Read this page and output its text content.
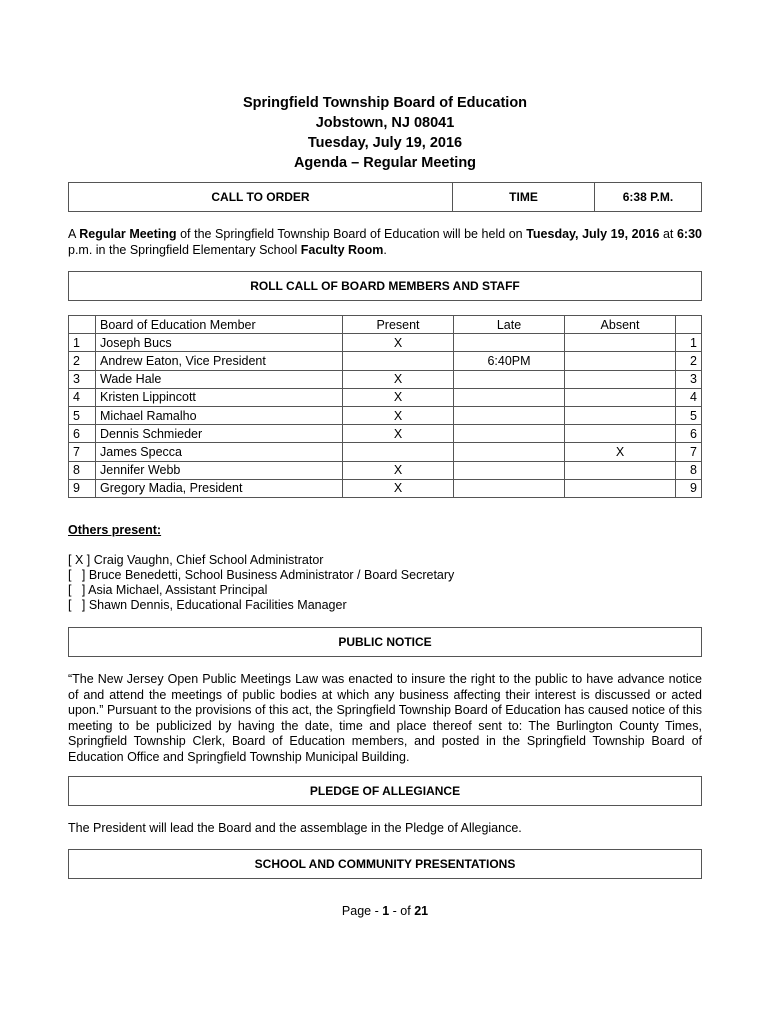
Springfield Township Board of Education
Jobstown, NJ 08041
Tuesday, July 19, 2016
Agenda – Regular Meeting
CALL TO ORDER	TIME	6:38 P.M.
A Regular Meeting of the Springfield Township Board of Education will be held on Tuesday, July 19, 2016 at 6:30 p.m. in the Springfield Elementary School Faculty Room.
ROLL CALL OF BOARD MEMBERS AND STAFF
	Board of Education Member	Present	Late	Absent	
1	Joseph Bucs	X			1
2	Andrew Eaton, Vice President		6:40PM		2
3	Wade Hale	X			3
4	Kristen Lippincott	X			4
5	Michael Ramalho	X			5
6	Dennis Schmieder	X			6
7	James Specca			X	7
8	Jennifer Webb	X			8
9	Gregory Madia, President	X			9
Others present:
[ X ] Craig Vaughn, Chief School Administrator
[   ] Bruce Benedetti, School Business Administrator / Board Secretary
[   ] Asia Michael, Assistant Principal
[   ] Shawn Dennis, Educational Facilities Manager
PUBLIC NOTICE
“The New Jersey Open Public Meetings Law was enacted to insure the right to the public to have advance notice of and attend the meetings of public bodies at which any business affecting their interest is discussed or acted upon.” Pursuant to the provisions of this act, the Springfield Township Board of Education has caused notice of this meeting to be publicized by having the date, time and place thereof sent to: The Burlington County Times, Springfield Township Clerk, Board of Education members, and posted in the Springfield Township Board of Education Office and Springfield Township Municipal Building.
PLEDGE OF ALLEGIANCE
The President will lead the Board and the assemblage in the Pledge of Allegiance.
SCHOOL AND COMMUNITY PRESENTATIONS
Page - 1 - of 21
